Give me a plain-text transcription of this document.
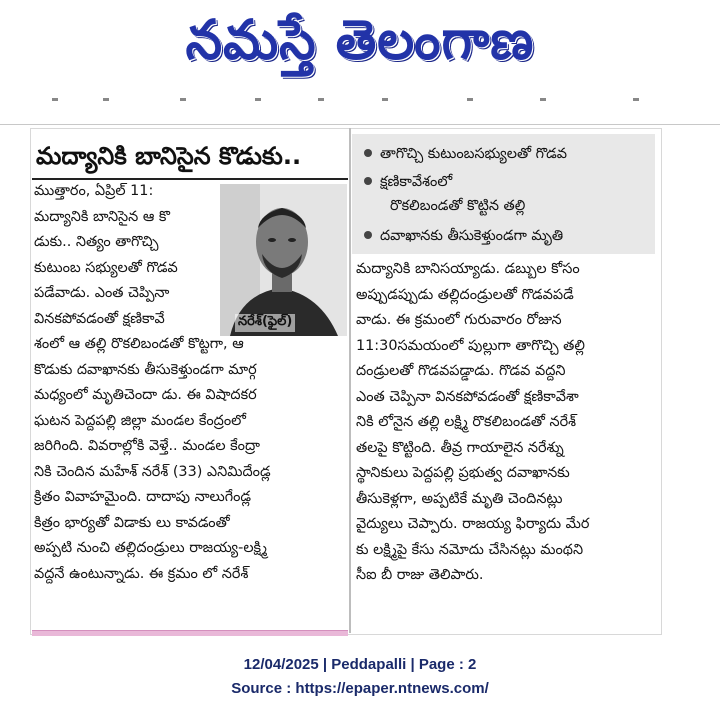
నమస్తే తెలంగాణ
మద్యానికి బానిసైన కొడుకు..
ముత్తారం, ఏప్రిల్ 11:
మద్యానికి బానిసైన ఆ కొ
డుకు.. నిత్యం తాగొచ్చి
కుటుంబ సభ్యులతో గొడవ
పడేవాడు. ఎంత చెప్పినా
వినకపోవడంతో క్షణికావే	నరేశ్(ఫైల్)
శంలో ఆ తల్లి రొకలిబండతో కొట్టగా, ఆ
కొడుకు దవాఖానకు తీసుకెళ్తుండగా మార్గ
మధ్యంలో మృతిచెందా డు. ఈ విషాదకర
ఘటన పెద్దపల్లి జిల్లా మండల కేంద్రంలో
జరిగింది. వివరాల్లోకి వెళ్తే.. మండల కేంద్రా
నికి చెందిన మహేశ్ నరేశ్ (33) ఎనిమిదేండ్ల
క్రితం వివాహమైంది. దాదాపు నాలుగేండ్ల
కిత్రం భార్యతో విడాకు లు కావడంతో
అప్పటి నుంచి తల్లిదండ్రులు రాజయ్య-లక్ష్మి
వద్దనే ఉంటున్నాడు. ఈ క్రమం లో నరేశ్
తాగొచ్చి కుటుంబసభ్యులతో గొడవ
క్షణికావేశంలో
రొకలిబండతో కొట్టిన తల్లి
దవాఖానకు తీసుకెళ్తుండగా మృతి
మద్యానికి బానిసయ్యాడు. డబ్బుల కోసం
అప్పుడప్పుడు తల్లిదండ్రులతో గొడవపడే
వాడు. ఈ క్రమంలో గురువారం రోజున
11:30సమయంలో పుల్లుగా తాగొచ్చి తల్లి
దండ్రులతో గొడవపడ్డాడు. గొడవ వద్దని
ఎంత చెప్పినా వినకపోవడంతో క్షణికావేశా
నికి లోనైన తల్లి లక్ష్మి రొకలిబండతో నరేశ్
తలపై కొట్టింది. తీవ్ర గాయాలైన నరేశ్ను
స్థానికులు పెద్దపల్లి ప్రభుత్వ దవాఖానకు
తీసుకెళ్లగా, అప్పటికే మృతి చెందినట్లు
వైద్యులు చెప్పారు. రాజయ్య ఫిర్యాదు మేర
కు లక్ష్మిపై కేసు నమోదు చేసినట్లు మంథని
సీఐ బీ రాజు తెలిపారు.
12/04/2025 | Peddapalli | Page : 2
Source : https://epaper.ntnews.com/
